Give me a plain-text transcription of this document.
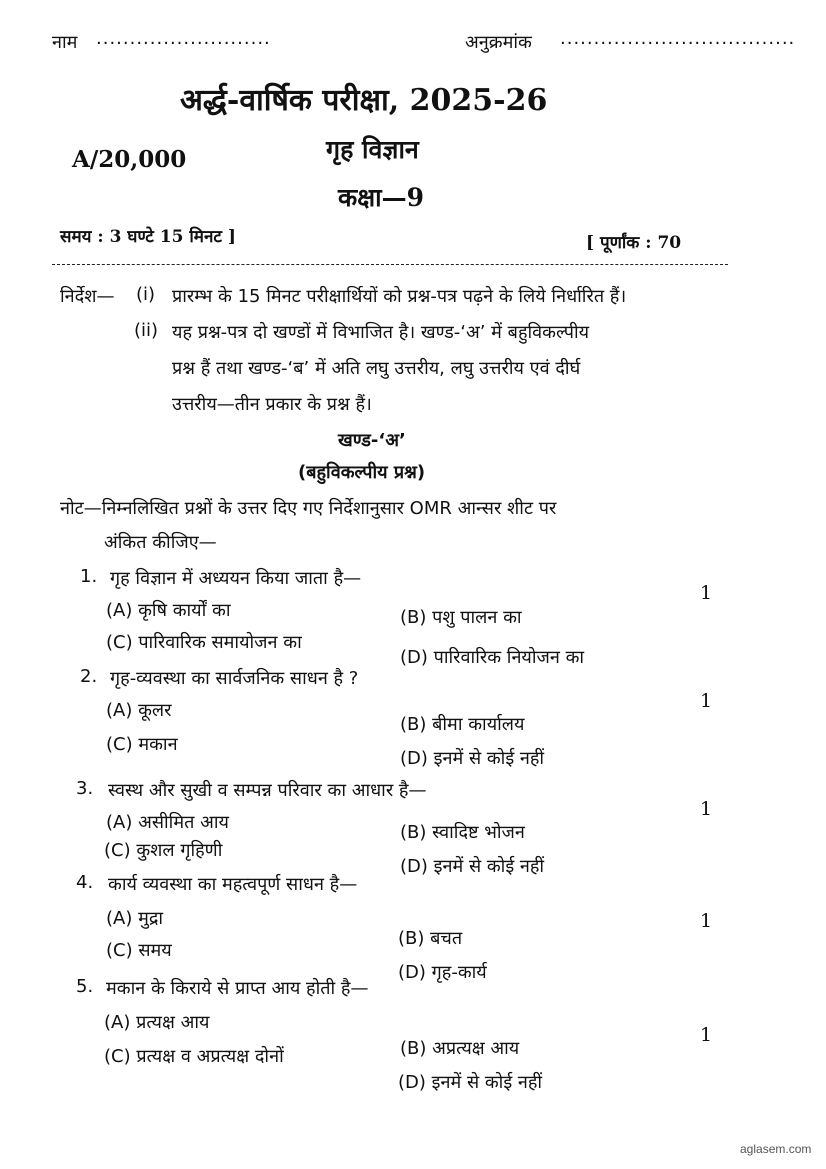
नाम ..........................	अनुक्रमांक ...................................
अर्द्ध-वार्षिक परीक्षा, 2025-26
A/20,000	गृह विज्ञान
कक्षा—9
समय : 3 घण्टे 15 मिनट ]	[ पूर्णांक : 70
निर्देश— (i) प्रारम्भ के 15 मिनट परीक्षार्थियों को प्रश्न-पत्र पढ़ने के लिये निर्धारित हैं।
(ii) यह प्रश्न-पत्र दो खण्डों में विभाजित है। खण्ड-‘अ’ में बहुविकल्पीय
प्रश्न हैं तथा खण्ड-‘ब’ में अति लघु उत्तरीय, लघु उत्तरीय एवं दीर्घ
उत्तरीय—तीन प्रकार के प्रश्न हैं।
खण्ड-‘अ’
(बहुविकल्पीय प्रश्न)
नोट—निम्नलिखित प्रश्नों के उत्तर दिए गए निर्देशानुसार OMR आन्सर शीट पर
अंकित कीजिए—
1. गृह विज्ञान में अध्ययन किया जाता है—
1
(A) कृषि कार्यों का	(B) पशु पालन का
(C) पारिवारिक समायोजन का
(D) पारिवारिक नियोजन का
2. गृह-व्यवस्था का सार्वजनिक साधन है ?
1
(A) कूलर
(B) बीमा कार्यालय
(C) मकान
(D) इनमें से कोई नहीं
3. स्वस्थ और सुखी व सम्पन्न परिवार का आधार है—
1
(A) असीमित आय	(B) स्वादिष्ट भोजन
(C) कुशल गृहिणी
(D) इनमें से कोई नहीं
4. कार्य व्यवस्था का महत्वपूर्ण साधन है—
1
(A) मुद्रा
(B) बचत
(C) समय
(D) गृह-कार्य
5. मकान के किराये से प्राप्त आय होती है—
1
(A) प्रत्यक्ष आय
(B) अप्रत्यक्ष आय
(C) प्रत्यक्ष व अप्रत्यक्ष दोनों
(D) इनमें से कोई नहीं
aglasem.com
